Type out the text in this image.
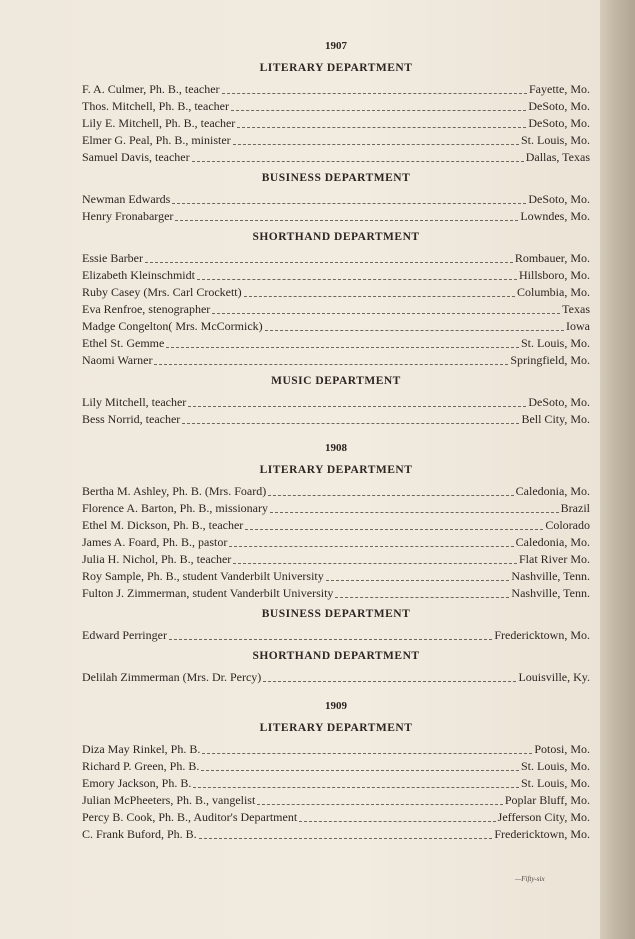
1907
LITERARY DEPARTMENT
F. A. Culmer, Ph. B., teacher	Fayette, Mo.
Thos. Mitchell, Ph. B., teacher	DeSoto, Mo.
Lily E. Mitchell, Ph. B., teacher	DeSoto, Mo.
Elmer G. Peal, Ph. B., minister	St. Louis, Mo.
Samuel Davis, teacher	Dallas, Texas
BUSINESS DEPARTMENT
Newman Edwards	DeSoto, Mo.
Henry Fronabarger	Lowndes, Mo.
SHORTHAND DEPARTMENT
Essie Barber	Rombauer, Mo.
Elizabeth Kleinschmidt	Hillsboro, Mo.
Ruby Casey (Mrs. Carl Crockett)	Columbia, Mo.
Eva Renfroe, stenographer	Texas
Madge Congelton( Mrs. McCormick)	Iowa
Ethel St. Gemme	St. Louis, Mo.
Naomi Warner	Springfield, Mo.
MUSIC DEPARTMENT
Lily Mitchell, teacher	DeSoto, Mo.
Bess Norrid, teacher	Bell City, Mo.
1908
LITERARY DEPARTMENT
Bertha M. Ashley, Ph. B. (Mrs. Foard)	Caledonia, Mo.
Florence A. Barton, Ph. B., missionary	Brazil
Ethel M. Dickson, Ph. B., teacher	Colorado
James A. Foard, Ph. B., pastor	Caledonia, Mo.
Julia H. Nichol, Ph. B., teacher	Flat River Mo.
Roy Sample, Ph. B., student Vanderbilt University	Nashville, Tenn.
Fulton J. Zimmerman, student Vanderbilt University	Nashville, Tenn.
BUSINESS DEPARTMENT
Edward Perringer	Fredericktown, Mo.
SHORTHAND DEPARTMENT
Delilah Zimmerman (Mrs. Dr. Percy)	Louisville, Ky.
1909
LITERARY DEPARTMENT
Diza May Rinkel, Ph. B.	Potosi, Mo.
Richard P. Green, Ph. B.	St. Louis, Mo.
Emory Jackson, Ph. B.	St. Louis, Mo.
Julian McPheeters, Ph. B., vangelist	Poplar Bluff, Mo.
Percy B. Cook, Ph. B., Auditor's Department	Jefferson City, Mo.
C. Frank Buford, Ph. B.	Fredericktown, Mo.
—Fifty-six
